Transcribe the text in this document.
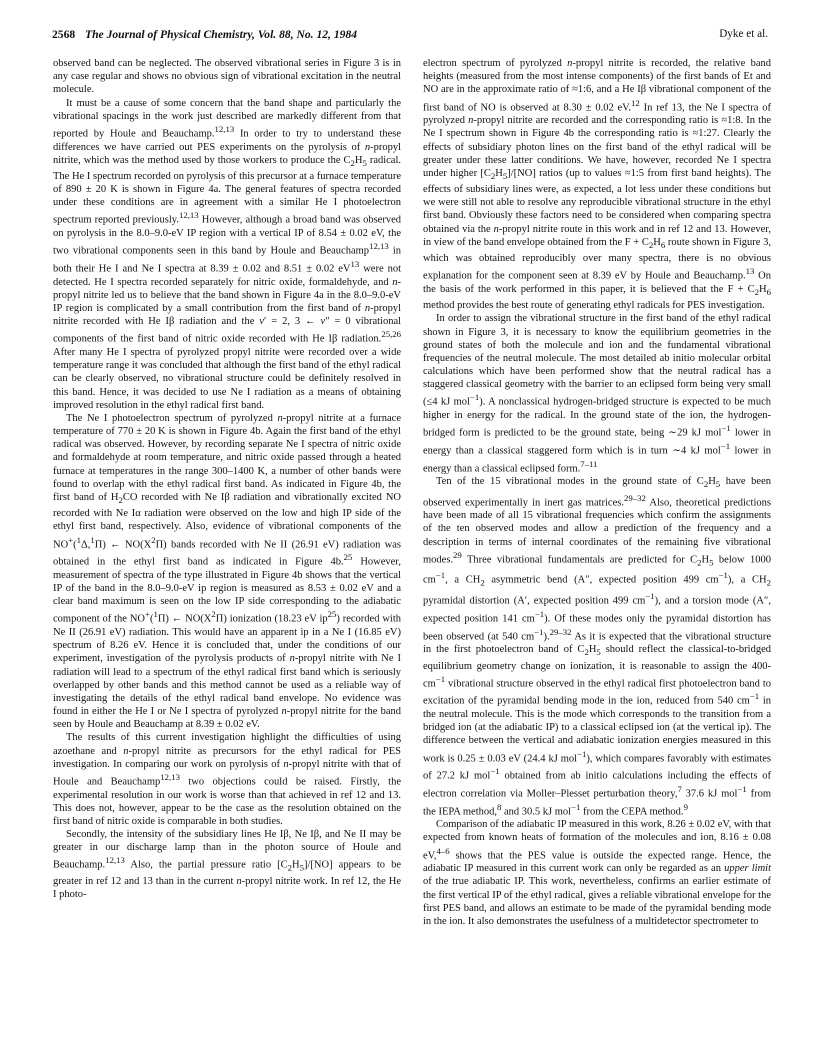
2568 The Journal of Physical Chemistry, Vol. 88, No. 12, 1984	Dyke et al.

observed band can be neglected. The observed vibrational series in Figure 3 is in any case regular and shows no obvious sign of vibrational excitation in the neutral molecule.

It must be a cause of some concern that the band shape and particularly the vibrational spacings in the work just described are markedly different from that reported by Houle and Beauchamp.$^{12,13}$ In order to try to understand these differences we have carried out PES experiments on the pyrolysis of n-propyl nitrite, which was the method used by those workers to produce the $C_2H_5$ radical. The He I spectrum recorded on pyrolysis of this precursor at a furnace temperature of 890 ± 20 K is shown in Figure 4a. The general features of spectra recorded under these conditions are in agreement with a similar He I photoelectron spectrum reported previously.$^{12,13}$ However, although a broad band was observed on pyrolysis in the 8.0–9.0-eV IP region with a vertical IP of 8.54 ± 0.02 eV, the two vibrational components seen in this band by Houle and Beauchamp$^{12,13}$ in both their He I and Ne I spectra at 8.39 ± 0.02 and 8.51 ± 0.02 $eV^{13}$ were not detected. He I spectra recorded separately for nitric oxide, formaldehyde, and n-propyl nitrite led us to believe that the band shown in Figure 4a in the 8.0–9.0-eV IP region is complicated by a small contribution from the first band of n-propyl nitrite recorded with He Iβ radiation and the v′ = 2, 3 ← v″ = 0 vibrational components of the first band of nitric oxide recorded with He Iβ radiation.$^{25,26}$ After many He I spectra of pyrolyzed propyl nitrite were recorded over a wide temperature range it was concluded that although the first band of the ethyl radical can be clearly observed, no vibrational structure could be definitely resolved in this band. Hence, it was decided to use Ne I radiation as a means of obtaining improved resolution in the ethyl radical first band.

The Ne I photoelectron spectrum of pyrolyzed n-propyl nitrite at a furnace temperature of 770 ± 20 K is shown in Figure 4b. Again the first band of the ethyl radical was observed. However, by recording separate Ne I spectra of nitric oxide and formaldehyde at room temperature, and nitric oxide passed through a heated furnace at temperatures in the range 300–1400 K, a number of other bands were found to overlap with the ethyl radical first band. As indicated in Figure 4b, the first band of $H_2CO$ recorded with Ne Iβ radiation and vibrationally excited NO recorded with Ne Iα radiation were observed on the low and high IP side of the ethyl first band, respectively. Also, evidence of vibrational components of the NO+($^1$Δ,$^1$Π) ← $NO(X^2\Pi)$ bands recorded with Ne II (26.91 eV) radiation was obtained in the ethyl first band as indicated in Figure 4b.$^{25}$ However, measurement of spectra of the type illustrated in Figure 4b shows that the vertical IP of the band in the 8.0–9.0-eV ip region is measured as 8.53 ± 0.02 eV and a clear band maximum is seen on the low IP side corresponding to the adiabatic component of the NO+($^1$Π) ← $NO(X^2\Pi)$ ionization (18.23 eV $ip^{25}$) recorded with Ne II (26.91 eV) radiation. This would have an apparent ip in a Ne I (16.85 eV) spectrum of 8.26 eV. Hence it is concluded that, under the conditions of our experiment, investigation of the pyrolysis products of n-propyl nitrite with Ne I radiation will lead to a spectrum of the ethyl radical first band which is seriously overlapped by other bands and this method cannot be used as a reliable way of investigating the details of the ethyl radical band envelope. No evidence was found in either the He I or Ne I spectra of pyrolyzed n-propyl nitrite for the band seen by Houle and Beauchamp at 8.39 ± 0.02 eV.

The results of this current investigation highlight the difficulties of using azoethane and n-propyl nitrite as precursors for the ethyl radical for PES investigation. In comparing our work on pyrolysis of n-propyl nitrite with that of Houle and Beauchamp$^{12,13}$ two objections could be raised. Firstly, the experimental resolution in our work is worse than that achieved in ref 12 and 13. This does not, however, appear to be the case as the resolution obtained on the first band of nitric oxide is comparable in both studies.

Secondly, the intensity of the subsidiary lines He Iβ, Ne Iβ, and Ne II may be greater in our discharge lamp than in the photon source of Houle and Beauchamp.$^{12,13}$ Also, the partial pressure ratio $[C_2H_5]/[NO]$ appears to be greater in ref 12 and 13 than in the current n-propyl nitrite work. In ref 12, the He I photo-

electron spectrum of pyrolyzed n-propyl nitrite is recorded, the relative band heights (measured from the most intense components) of the first bands of Et and NO are in the approximate ratio of ≈1:6, and a He Iβ vibrational component of the first band of NO is observed at 8.30 ± 0.02 eV.$^{12}$ In ref 13, the Ne I spectra of pyrolyzed n-propyl nitrite are recorded and the corresponding ratio is ≈1:8. In the Ne I spectrum shown in Figure 4b the corresponding ratio is ≈1:27. Clearly the effects of subsidiary photon lines on the first band of the ethyl radical will be greater under these latter conditions. We have, however, recorded Ne I spectra under higher $[C_2H_5]/[NO]$ ratios (up to values ≈1:5 from first band heights). The effects of subsidiary lines were, as expected, a lot less under these conditions but we were still not able to resolve any reproducible vibrational structure in the ethyl first band. Obviously these factors need to be considered when comparing spectra obtained via the n-propyl nitrite route in this work and in ref 12 and 13. However, in view of the band envelope obtained from the $F + C_2H_6$ route shown in Figure 3, which was obtained reproducibly over many spectra, there is no obvious explanation for the component seen at 8.39 eV by Houle and Beauchamp.$^{13}$ On the basis of the work performed in this paper, it is believed that the $F + C_2H_6$ method provides the best route of generating ethyl radicals for PES investigation.

In order to assign the vibrational structure in the first band of the ethyl radical shown in Figure 3, it is necessary to know the equilibrium geometries in the ground states of both the molecule and ion and the fundamental vibrational frequencies of the neutral molecule. The most detailed ab initio molecular orbital calculations which have been performed show that the neutral radical has a staggered classical geometry with the barrier to an eclipsed form being very small (≤4 kJ mol$^{-1}$). A nonclassical hydrogen-bridged structure is expected to be much higher in energy for the radical. In the ground state of the ion, the hydrogen-bridged form is predicted to be the ground state, being ∼29 kJ mol$^{-1}$ lower in energy than a classical staggered form which is in turn ∼4 kJ mol$^{-1}$ lower in energy than a classical eclipsed form.$^{7-11}$

Ten of the 15 vibrational modes in the ground state of $C_2H_5$ have been observed experimentally in inert gas matrices.$^{29-32}$ Also, theoretical predictions have been made of all 15 vibrational frequencies which confirm the assignments of the ten observed modes and allow a prediction of the frequency and a description in terms of internal coordinates of the remaining five vibrational modes.$^{29}$ Three vibrational fundamentals are predicted for $C_2H_5$ below 1000 $cm^{-1}$, a $CH_2$ asymmetric bend (A″, expected position 499 $cm^{-1}$), a $CH_2$ pyramidal distortion (A′, expected position 499 $cm^{-1}$), and a torsion mode (A″, expected position 141 $cm^{-1}$). Of these modes only the pyramidal distortion has been observed (at 540 $cm^{-1}).^{29-32}$ As it is expected that the vibrational structure in the first photoelectron band of $C_2H_5$ should reflect the classical-to-bridged equilibrium geometry change on ionization, it is reasonable to assign the $400-cm^{-1}$ vibrational structure observed in the ethyl radical first photoelectron band to excitation of the pyramidal bending mode in the ion, reduced from 540 $cm^{-1}$ in the neutral molecule. This is the mode which corresponds to the transition from a bridged ion (at the adiabatic IP) to a classical eclipsed ion (at the vertical ip). The difference between the vertical and adiabatic ionization energies measured in this work is 0.25 ± 0.03 eV (24.4 kJ mol$^{-1}$), which compares favorably with estimates of 27.2 kJ mol$^{-1}$ obtained from ab initio calculations including the effects of electron correlation via Moller–Plesset perturbation theory,$^7$ 37.6 kJ mol$^{-1}$ from the IEPA method,$^8$ and 30.5 kJ mol$^{-1}$ from the CEPA method.$^9$

Comparison of the adiabatic IP measured in this work, 8.26 ± 0.02 eV, with that expected from known heats of formation of the molecules and ion, 8.16 ± 0.08 eV,$^{4-6}$ shows that the PES value is outside the expected range. Hence, the adiabatic IP measured in this current work can only be regarded as an upper limit of the true adiabatic IP. This work, nevertheless, confirms an earlier estimate of the first vertical IP of the ethyl radical, gives a reliable vibrational envelope for the first PES band, and allows an estimate to be made of the pyramidal bending mode in the ion. It also demonstrates the usefulness of a multidetector spectrometer to
